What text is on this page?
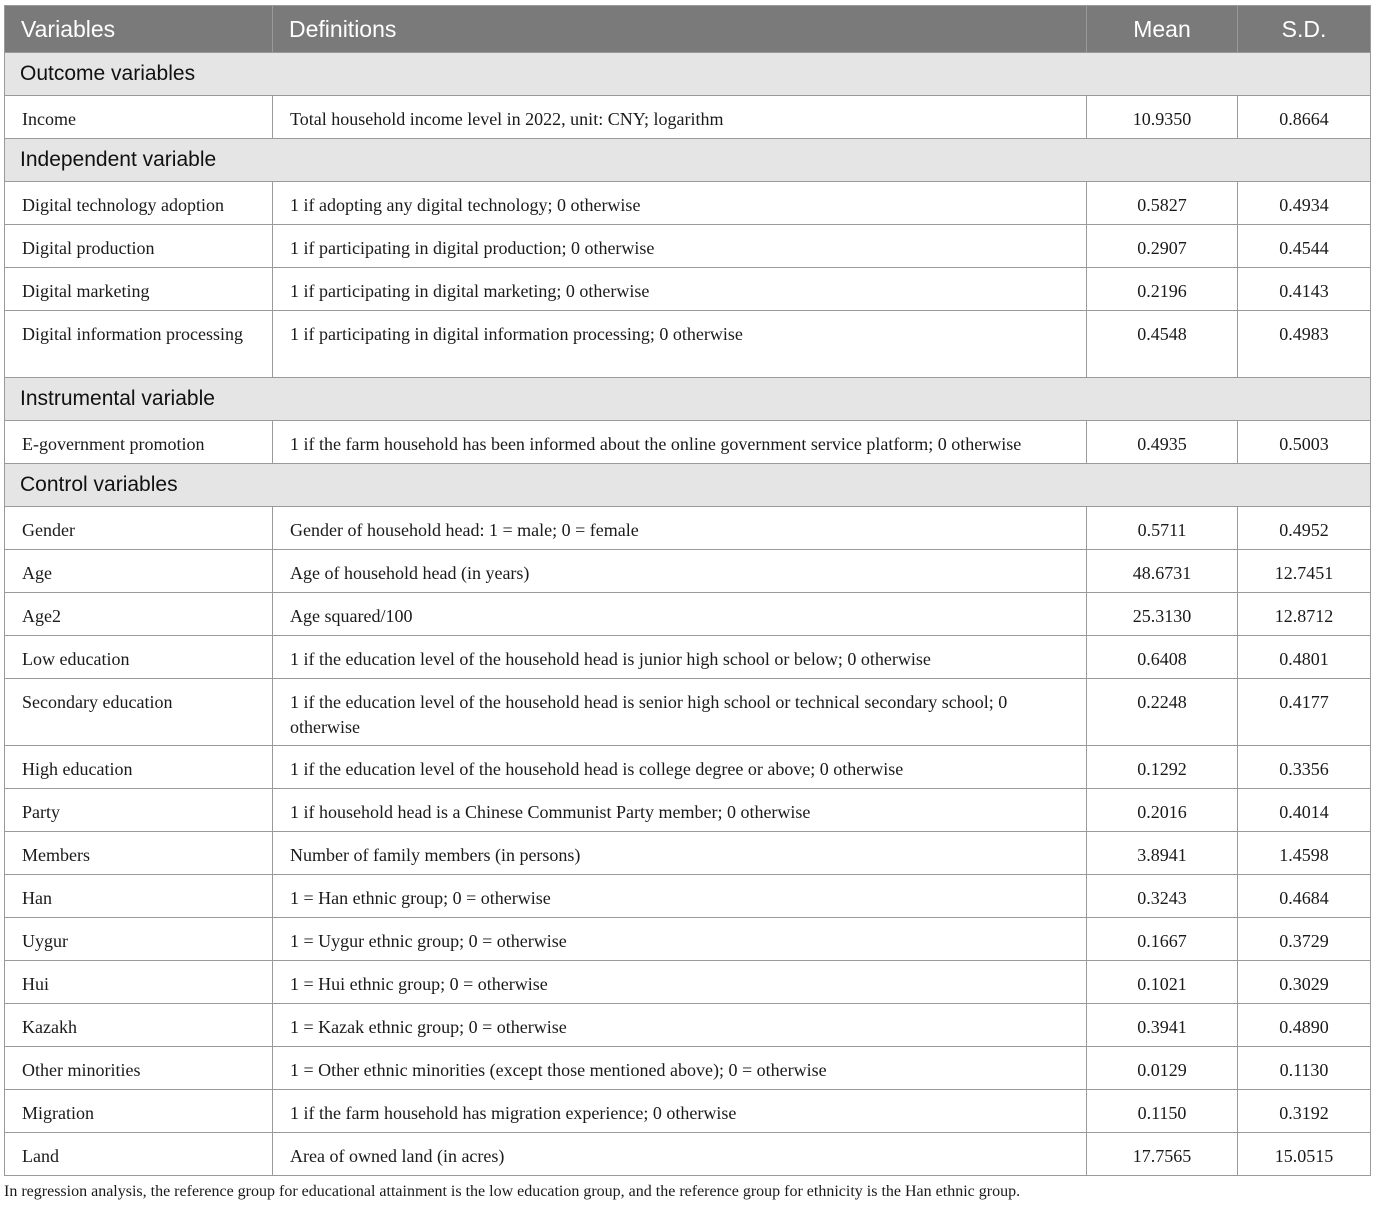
Variables	Definitions	Mean	S.D.
Outcome variables			
Income	Total household income level in 2022, unit: CNY; logarithm	10.9350	0.8664
Independent variable			
Digital technology adoption	1 if adopting any digital technology; 0 otherwise	0.5827	0.4934
Digital production	1 if participating in digital production; 0 otherwise	0.2907	0.4544
Digital marketing	1 if participating in digital marketing; 0 otherwise	0.2196	0.4143
Digital information processing	1 if participating in digital information processing; 0 otherwise	0.4548	0.4983
Instrumental variable			
E-government promotion	1 if the farm household has been informed about the online government service platform; 0 otherwise	0.4935	0.5003
Control variables			
Gender	Gender of household head: 1 = male; 0 = female	0.5711	0.4952
Age	Age of household head (in years)	48.6731	12.7451
Age2	Age squared/100	25.3130	12.8712
Low education	1 if the education level of the household head is junior high school or below; 0 otherwise	0.6408	0.4801
Secondary education	1 if the education level of the household head is senior high school or technical secondary school; 0 otherwise	0.2248	0.4177
High education	1 if the education level of the household head is college degree or above; 0 otherwise	0.1292	0.3356
Party	1 if household head is a Chinese Communist Party member; 0 otherwise	0.2016	0.4014
Members	Number of family members (in persons)	3.8941	1.4598
Han	1 = Han ethnic group; 0 = otherwise	0.3243	0.4684
Uygur	1 = Uygur ethnic group; 0 = otherwise	0.1667	0.3729
Hui	1 = Hui ethnic group; 0 = otherwise	0.1021	0.3029
Kazakh	1 = Kazak ethnic group; 0 = otherwise	0.3941	0.4890
Other minorities	1 = Other ethnic minorities (except those mentioned above); 0 = otherwise	0.0129	0.1130
Migration	1 if the farm household has migration experience; 0 otherwise	0.1150	0.3192
Land	Area of owned land (in acres)	17.7565	15.0515
In regression analysis, the reference group for educational attainment is the low education group, and the reference group for ethnicity is the Han ethnic group.
